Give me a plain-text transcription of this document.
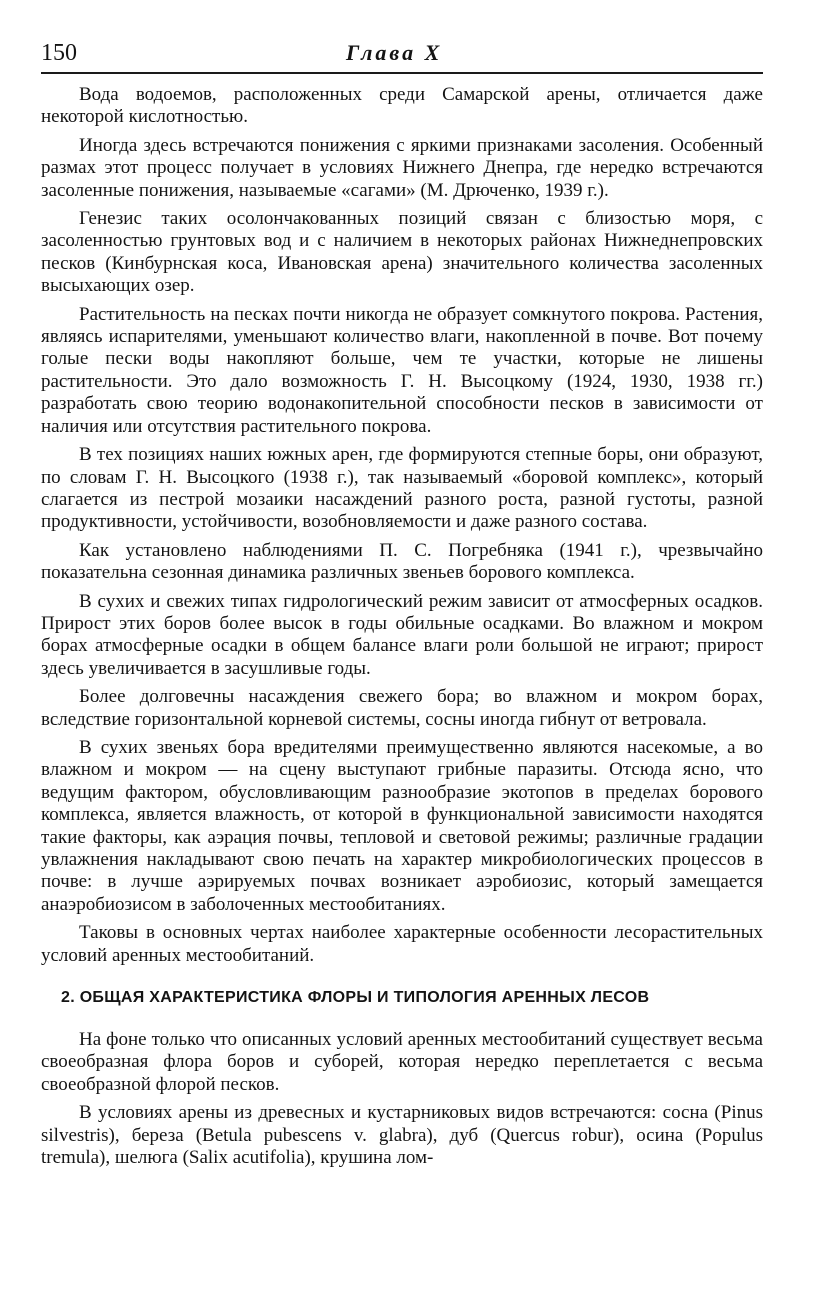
150	Глава X

Вода водоемов, расположенных среди Самарской арены, отличается даже некоторой кислотностью.

Иногда здесь встречаются понижения с яркими признаками засоления. Особенный размах этот процесс получает в условиях Нижнего Днепра, где нередко встречаются засоленные понижения, называемые «сагами» (М. Дрюченко, 1939 г.).

Генезис таких осолончакованных позиций связан с близостью моря, с засоленностью грунтовых вод и с наличием в некоторых районах Нижнеднепровских песков (Кинбурнская коса, Ивановская арена) значительного количества засоленных высыхающих озер.

Растительность на песках почти никогда не образует сомкнутого покрова. Растения, являясь испарителями, уменьшают количество влаги, накопленной в почве. Вот почему голые пески воды накопляют больше, чем те участки, которые не лишены растительности. Это дало возможность Г. Н. Высоцкому (1924, 1930, 1938 гг.) разработать свою теорию водонакопительной способности песков в зависимости от наличия или отсутствия растительного покрова.

В тех позициях наших южных арен, где формируются степные боры, они образуют, по словам Г. Н. Высоцкого (1938 г.), так называемый «боровой комплекс», который слагается из пестрой мозаики насаждений разного роста, разной густоты, разной продуктивности, устойчивости, возобновляемости и даже разного состава.

Как установлено наблюдениями П. С. Погребняка (1941 г.), чрезвычайно показательна сезонная динамика различных звеньев борового комплекса.

В сухих и свежих типах гидрологический режим зависит от атмосферных осадков. Прирост этих боров более высок в годы обильные осадками. Во влажном и мокром борах атмосферные осадки в общем балансе влаги роли большой не играют; прирост здесь увеличивается в засушливые годы.

Более долговечны насаждения свежего бора; во влажном и мокром борах, вследствие горизонтальной корневой системы, сосны иногда гибнут от ветровала.

В сухих звеньях бора вредителями преимущественно являются насекомые, а во влажном и мокром — на сцену выступают грибные паразиты. Отсюда ясно, что ведущим фактором, обусловливающим разнообразие экотопов в пределах борового комплекса, является влажность, от которой в функциональной зависимости находятся такие факторы, как аэрация почвы, тепловой и световой режимы; различные градации увлажнения накладывают свою печать на характер микробиологических процессов в почве: в лучше аэрируемых почвах возникает аэробиозис, который замещается анаэробиозисом в заболоченных местообитаниях.

Таковы в основных чертах наиболее характерные особенности лесорастительных условий аренных местообитаний.

2. ОБЩАЯ ХАРАКТЕРИСТИКА ФЛОРЫ И ТИПОЛОГИЯ АРЕННЫХ ЛЕСОВ

На фоне только что описанных условий аренных местообитаний существует весьма своеобразная флора боров и суборей, которая нередко переплетается с весьма своеобразной флорой песков.

В условиях арены из древесных и кустарниковых видов встречаются: сосна (Pinus silvestris), береза (Betula pubescens v. glabra), дуб (Quercus robur), осина (Populus tremula), шелюга (Salix acutifolia), крушина лом-
